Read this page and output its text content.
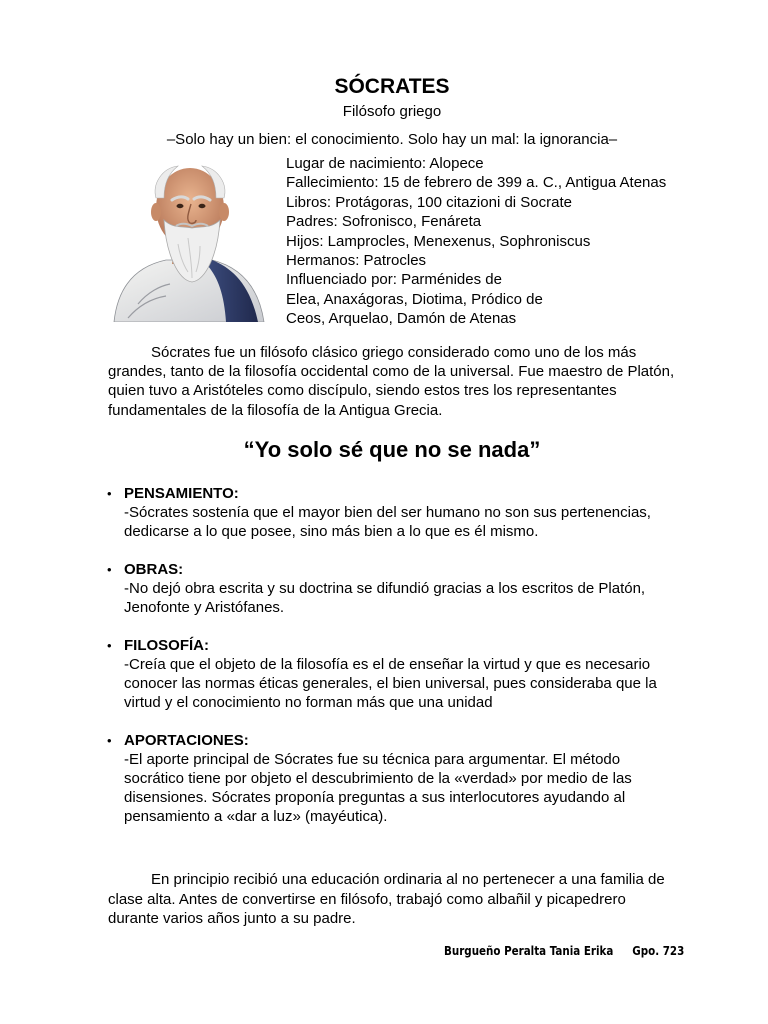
SÓCRATES

Filósofo griego

–Solo hay un bien: el conocimiento. Solo hay un mal: la ignorancia–

Lugar de nacimiento: Alopece
Fallecimiento: 15 de febrero de 399 a. C., Antigua Atenas
Libros: Protágoras, 100 citazioni di Socrate
Padres: Sofronisco, Fenáreta
Hijos: Lamprocles, Menexenus, Sophroniscus
Hermanos: Patrocles
Influenciado por: Parménides de
Elea, Anaxágoras, Diotima, Pródico de
Ceos, Arquelao, Damón de Atenas

Sócrates fue un filósofo clásico griego considerado como uno de los más grandes, tanto de la filosofía occidental como de la universal. Fue maestro de Platón, quien tuvo a Aristóteles como discípulo, siendo estos tres los representantes fundamentales de la filosofía de la Antigua Grecia.

“Yo solo sé que no se nada”

• PENSAMIENTO:
-Sócrates sostenía que el mayor bien del ser humano no son sus pertenencias, dedicarse a lo que posee, sino más bien a lo que es él mismo.
• OBRAS:
-No dejó obra escrita y su doctrina se difundió gracias a los escritos de Platón, Jenofonte y Aristófanes.
• FILOSOFÍA:
-Creía que el objeto de la filosofía es el de enseñar la virtud y que es necesario conocer las normas éticas generales, el bien universal, pues consideraba que la virtud y el conocimiento no forman más que una unidad
• APORTACIONES:
-El aporte principal de Sócrates fue su técnica para argumentar. El método socrático tiene por objeto el descubrimiento de la «verdad» por medio de las disensiones. Sócrates proponía preguntas a sus interlocutores ayudando al pensamiento a «dar a luz» (mayéutica).

En principio recibió una educación ordinaria al no pertenecer a una familia de clase alta. Antes de convertirse en filósofo, trabajó como albañil y picapedrero durante varios años junto a su padre.

Burgueño Peralta Tania Erika Gpo. 723
